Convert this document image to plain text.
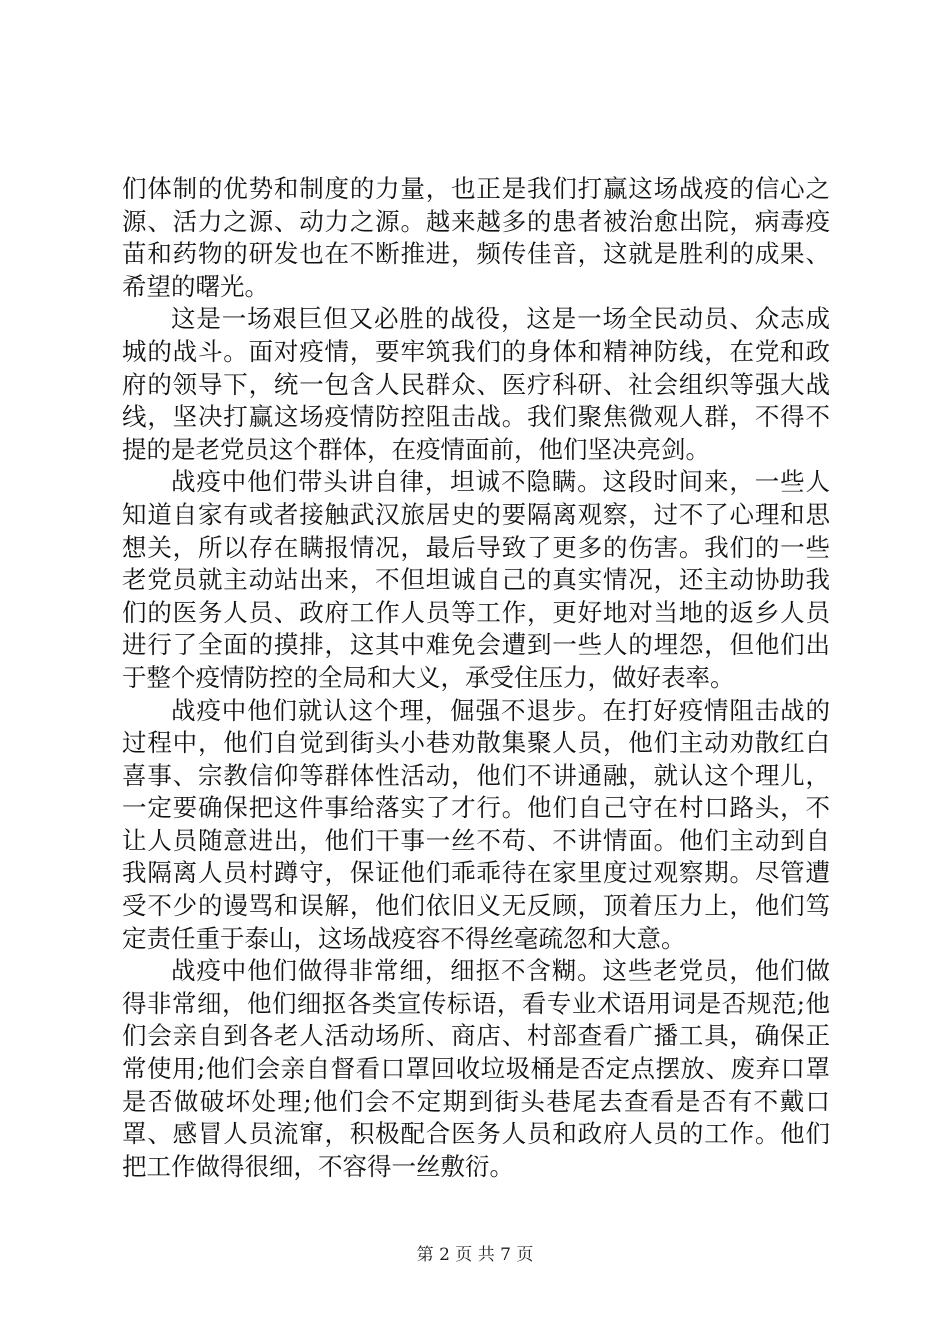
们体制的优势和制度的力量，也正是我们打赢这场战疫的信心之源、活力之源、动力之源。越来越多的患者被治愈出院，病毒疫苗和药物的研发也在不断推进，频传佳音，这就是胜利的成果、希望的曙光。

这是一场艰巨但又必胜的战役，这是一场全民动员、众志成城的战斗。面对疫情，要牢筑我们的身体和精神防线，在党和政府的领导下，统一包含人民群众、医疗科研、社会组织等强大战线，坚决打赢这场疫情防控阻击战。我们聚焦微观人群，不得不提的是老党员这个群体，在疫情面前，他们坚决亮剑。

战疫中他们带头讲自律，坦诚不隐瞒。这段时间来，一些人知道自家有或者接触武汉旅居史的要隔离观察，过不了心理和思想关，所以存在瞒报情况，最后导致了更多的伤害。我们的一些老党员就主动站出来，不但坦诚自己的真实情况，还主动协助我们的医务人员、政府工作人员等工作，更好地对当地的返乡人员进行了全面的摸排，这其中难免会遭到一些人的埋怨，但他们出于整个疫情防控的全局和大义，承受住压力，做好表率。

战疫中他们就认这个理，倔强不退步。在打好疫情阻击战的过程中，他们自觉到街头小巷劝散集聚人员，他们主动劝散红白喜事、宗教信仰等群体性活动，他们不讲通融，就认这个理儿，一定要确保把这件事给落实了才行。他们自己守在村口路头，不让人员随意进出，他们干事一丝不苟、不讲情面。他们主动到自我隔离人员村蹲守，保证他们乖乖待在家里度过观察期。尽管遭受不少的谩骂和误解，他们依旧义无反顾，顶着压力上，他们笃定责任重于泰山，这场战疫容不得丝毫疏忽和大意。

战疫中他们做得非常细，细抠不含糊。这些老党员，他们做得非常细，他们细抠各类宣传标语，看专业术语用词是否规范;他们会亲自到各老人活动场所、商店、村部查看广播工具，确保正常使用;他们会亲自督看口罩回收垃圾桶是否定点摆放、废弃口罩是否做破坏处理;他们会不定期到街头巷尾去查看是否有不戴口罩、感冒人员流窜，积极配合医务人员和政府人员的工作。他们把工作做得很细，不容得一丝敷衍。

第 2 页 共 7 页
